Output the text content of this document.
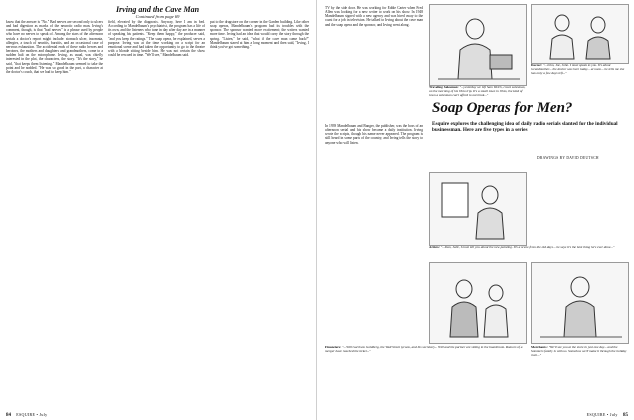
Irving and the Cave Man
Continued from page 69

know that the answer is "No." Bad nerves are second only to ulcers and bad digestion as marks of the neurotic radio man. Irving's comment, though, is that "bad nerves" is a phrase used by people who have no nerves to speak of. Among the stars of the afternoon serials a doctor's report might include: stomach ulcer, insomnia, allergies, a touch of neuritis, bursitis, and an occasional case of nervous exhaustion. The accidental ends of these radio heroes and heroines, the mothers and daughters and grandmothers, come to a sudden halt on the microphone. Irving, as usual, was chiefly interested in the plot, the characters, the story. "It's the story," he said, "that keeps them listening." Mandelbaum seemed to take the point and he nodded. "He was so good in the part, a character at the doctor's couch, that we had to keep him."

field, elevated by the diagnosis. Anyway, here I am in bed. According to Mandelbaum's psychiatrist, the program has a life of its own, and the listeners who tune in day after day are in a manner of speaking his patients. "Keep them happy," the producer said, "and you keep the ratings." The soap opera, he explained, serves a purpose. Irving was at the time working on a script for an emotional scene and had taken the opportunity to go to the theatre with a blonde sitting beside him. He was not certain the show could be rescued in time. "We'll see," Mandelbaum said.

put to the drugstore on the corner in the Garden building. Like other soap operas, Mandelbaum's program had its troubles with the sponsor. The sponsor wanted more excitement; the writers wanted more time. Irving had an idea that would carry the story through the spring. "Listen," he said, "what if the cave man came back?" Mandelbaum stared at him a long moment and then said, "Irving, I think you've got something."

84 ESQUIRE • July

TV by the side door. He was working for Eddie Carter when Fred Allen was looking for a new writer to work on his show. In 1948 Mandelbaum signed with a new agency and was hired away to the coast for a job in television. He talked to Irving about the cave man and the soap opera and the sponsor, and Irving went along.

In 1939 Mandelbaum and Banger, the publisher, was the boss of an afternoon serial and his show became a daily institution. Irving wrote the scripts, though his name never appeared. The program is still heard in some parts of the country, and Irving tells the story to anyone who will listen.

Traveling Salesman: "...yesterday we left Sam Welch, crack salesman, on the morning of his Ohio trip. It's a small town in Ohio, the kind of town a salesman can't afford to overlook..."
Doctor: "...John, Joe, John. I must speak to you. It's about Grandmother... the doctor was here today... at noon... he tells me she has only a few days left..."
Soap Operas for Men?
Esquire explores the challenging idea of daily radio serials slanted for the individual businessman. Here are five types in a series
DRAWINGS BY DAVID DEUTSCH
Artists: "...Dan, Julie, I must tell you about the new painting. It's a scene from the old days... he says it's the best thing he's ever done..."
Financiers: "...Will Garrison Goldberg, the Wall Street tycoon, and his secretary... Will and his partner are sitting in the boardroom. Rumors of a merger have reached the ticker..."
Merchants: "We'll see you at the store in just one day... and the Sommers family is with us. Somehow we'll make it through the holiday rush..."
ESQUIRE • July 85
